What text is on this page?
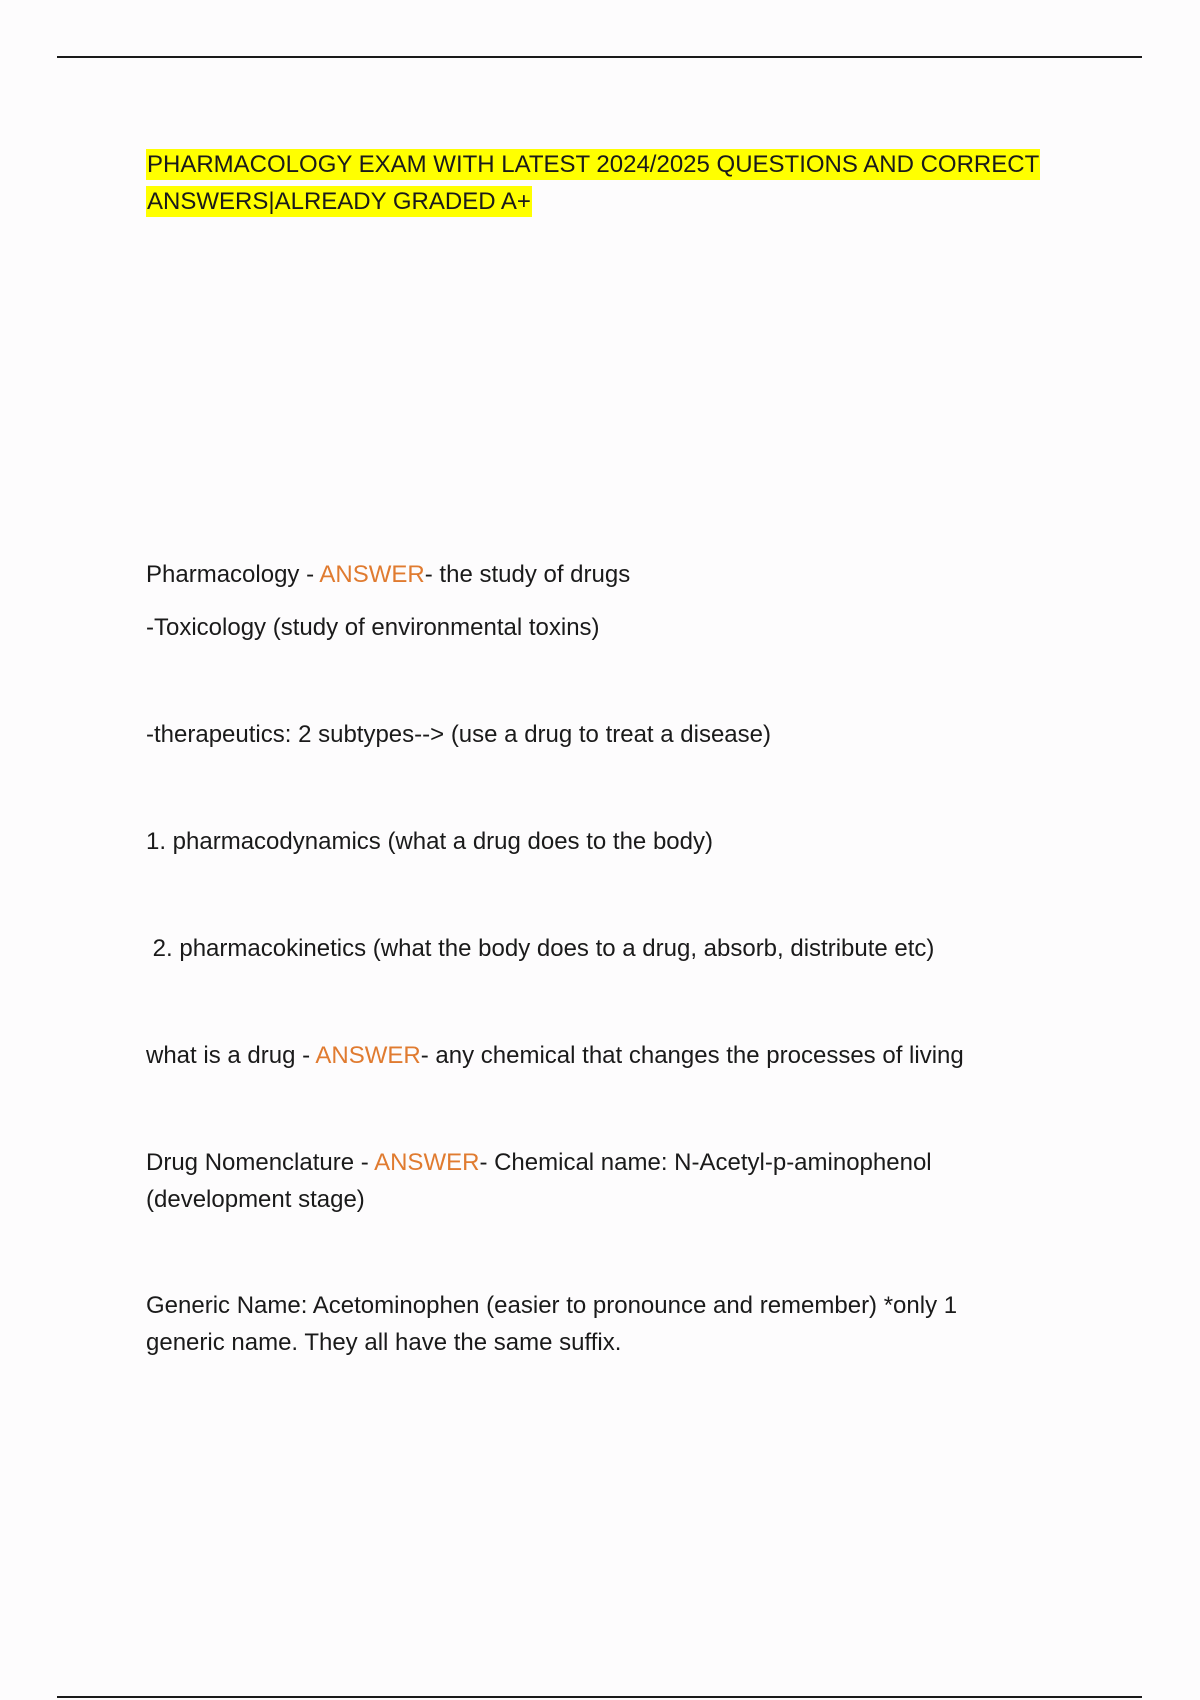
PHARMACOLOGY EXAM WITH LATEST 2024/2025 QUESTIONS AND CORRECT
ANSWERS|ALREADY GRADED A+
Pharmacology - ANSWER- the study of drugs
-Toxicology (study of environmental toxins)
-therapeutics: 2 subtypes--> (use a drug to treat a disease)
1. pharmacodynamics (what a drug does to the body)
2. pharmacokinetics (what the body does to a drug, absorb, distribute etc)
what is a drug - ANSWER- any chemical that changes the processes of living
Drug Nomenclature - ANSWER- Chemical name: N-Acetyl-p-aminophenol
(development stage)
Generic Name: Acetominophen (easier to pronounce and remember) *only 1
generic name. They all have the same suffix.
